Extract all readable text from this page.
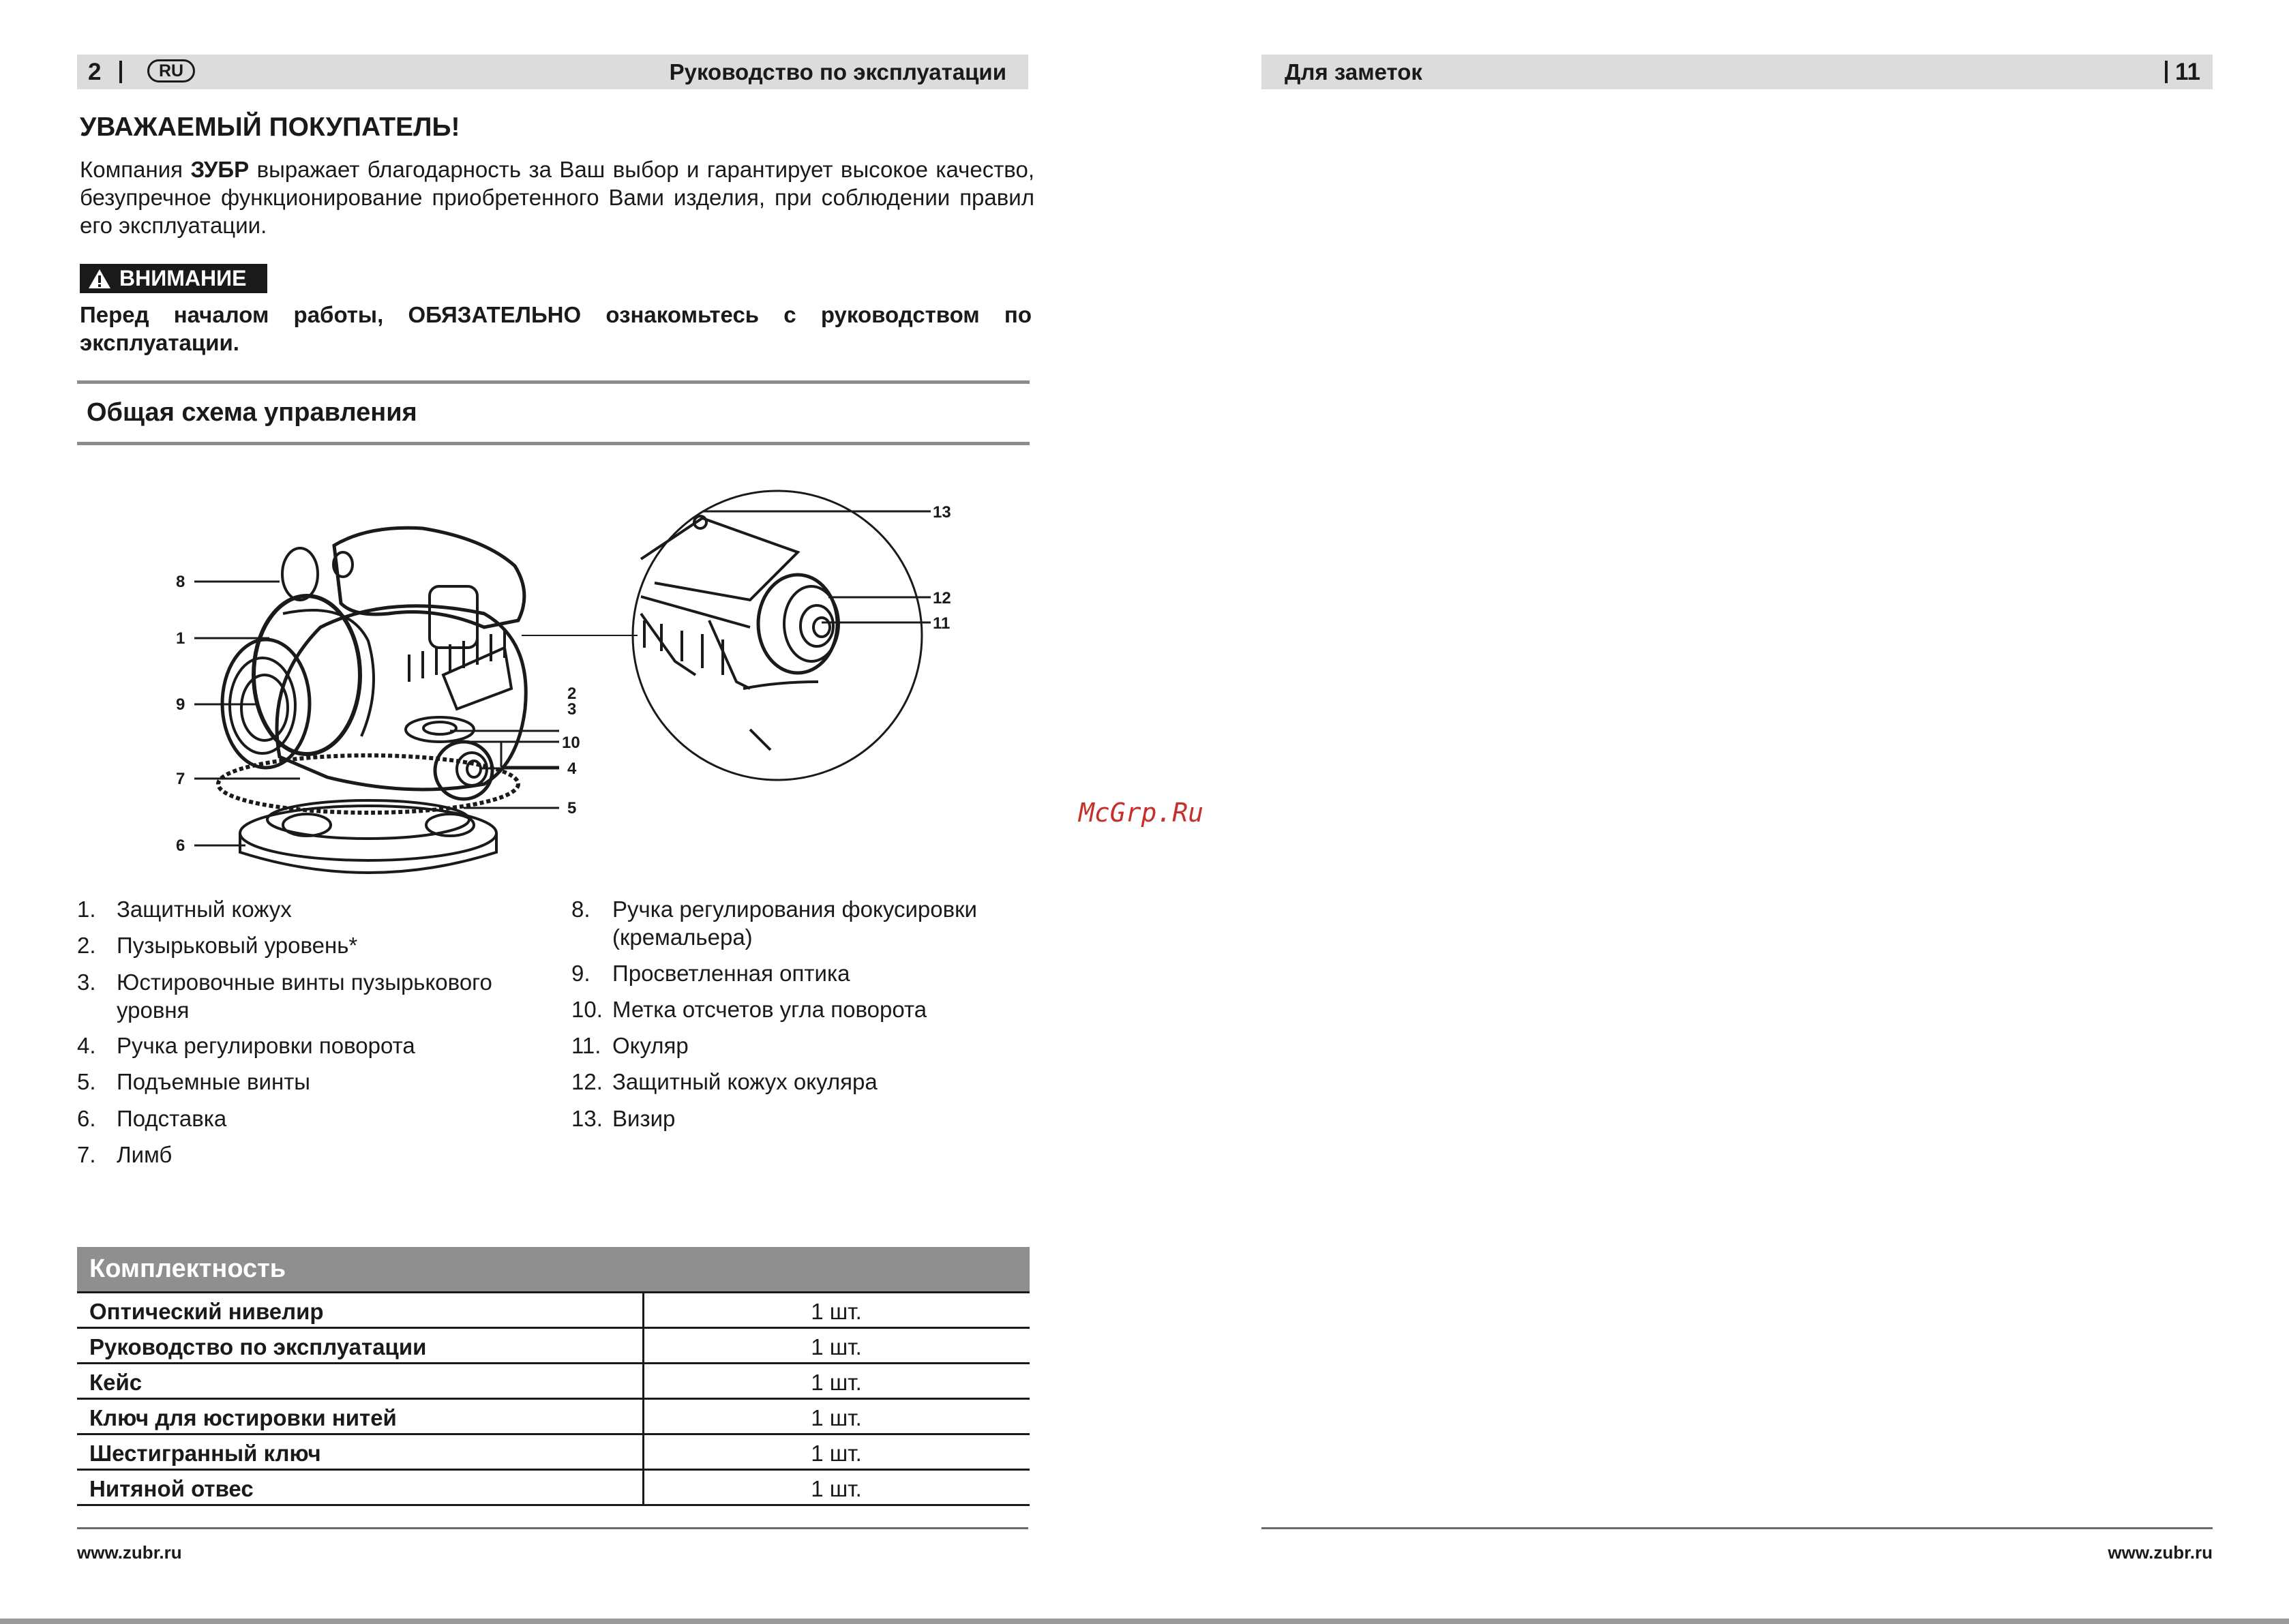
2	RU	Руководство по эксплуатации
УВАЖАЕМЫЙ ПОКУПАТЕЛЬ!
Компания ЗУБР выражает благодарность за Ваш выбор и гарантирует высокое качество, безупречное функционирование приобретенного Вами изделия, при соблюдении правил его эксплуатации.
ВНИМАНИЕ
Перед началом работы, ОБЯЗАТЕЛЬНО ознакомьтесь с руководством по эксплуатации.
Общая схема управления
8
1
9
7
6
2
3
10
4
5
13
12
11
1. Защитный кожух
2. Пузырьковый уровень*
3. Юстировочные винты пузырькового уровня
4. Ручка регулировки поворота
5. Подъемные винты
6. Подставка
7. Лимб
8. Ручка регулирования фокусировки (кремальера)
9. Просветленная оптика
10. Метка отсчетов угла поворота
11. Окуляр
12. Защитный кожух окуляра
13. Визир
Комплектность
Оптический нивелир	1 шт.
Руководство по эксплуатации	1 шт.
Кейс	1 шт.
Ключ для юстировки нитей	1 шт.
Шестигранный ключ	1 шт.
Нитяной отвес	1 шт.
www.zubr.ru
Для заметок	11
www.zubr.ru
McGrp.Ru
